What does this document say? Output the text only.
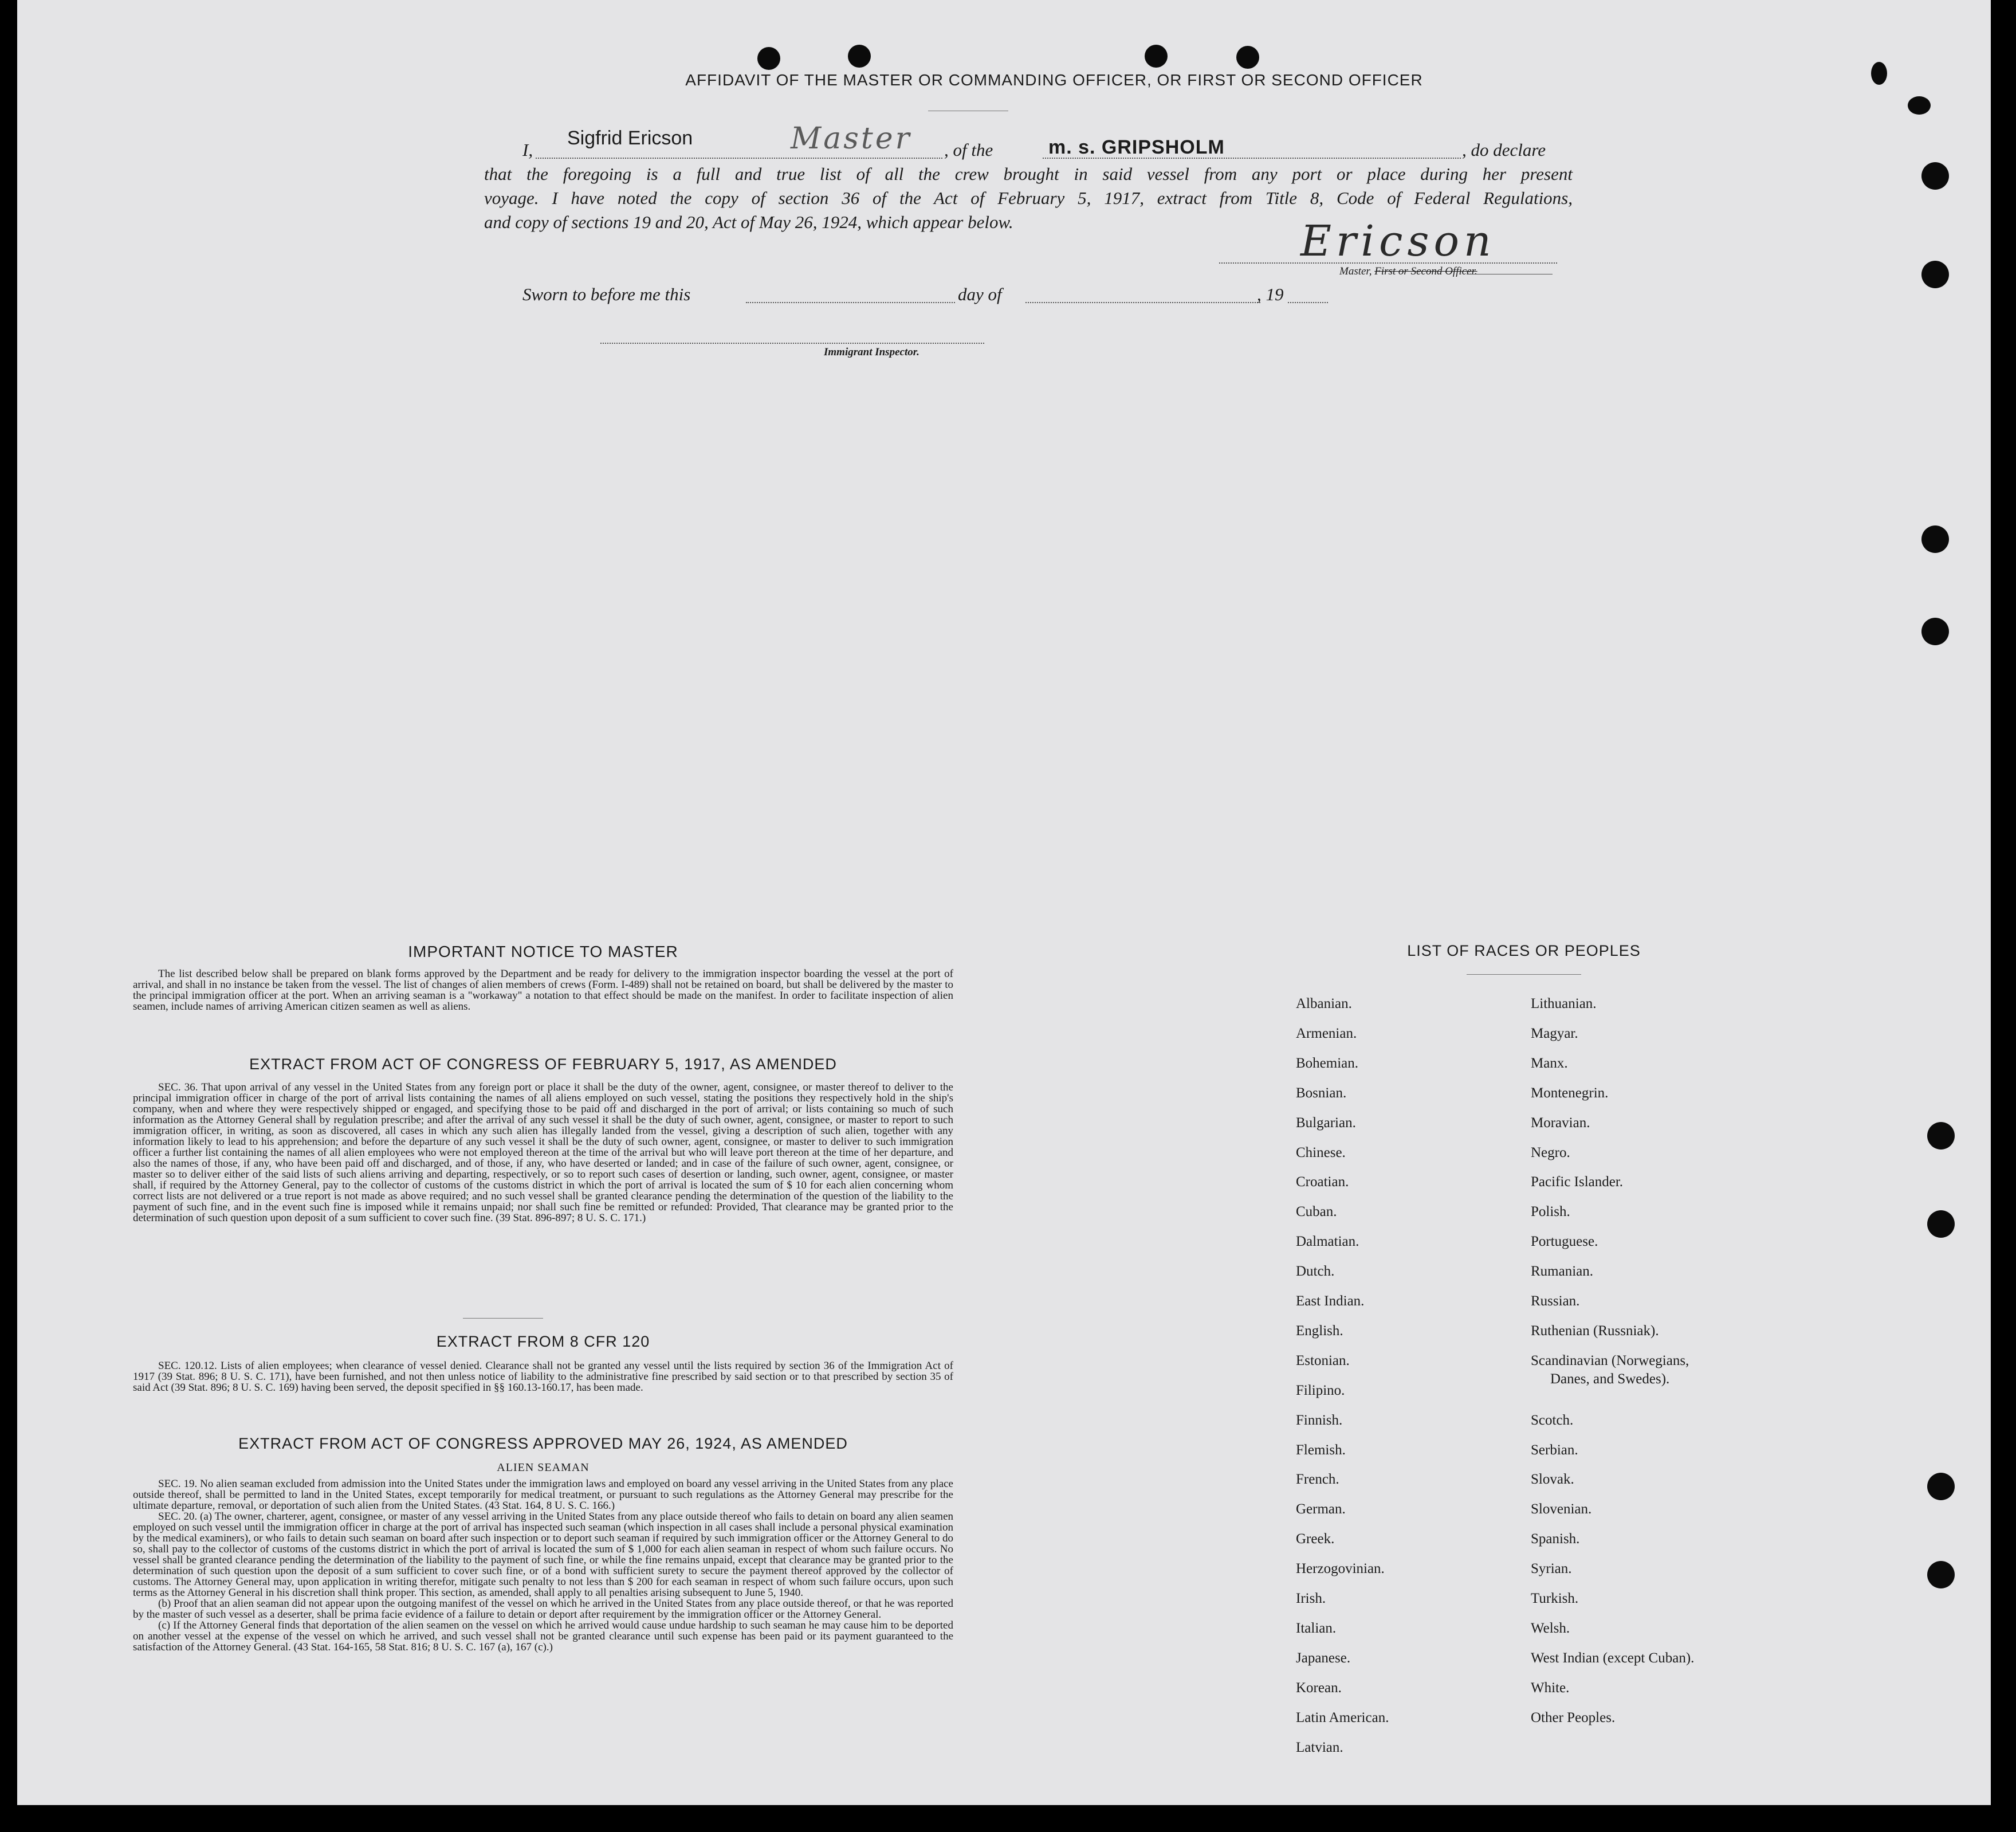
AFFIDAVIT OF THE MASTER OR COMMANDING OFFICER, OR FIRST OR SECOND OFFICER
I,
Sigfrid Ericson	Master , of the	m. s. GRIPSHOLM	, do declare
that the foregoing is a full and true list of all the crew brought in said vessel from any port or place during her present
voyage. I have noted the copy of section 36 of the Act of February 5, 1917, extract from Title 8, Code of Federal Regulations,
and copy of sections 19 and 20, Act of May 26, 1924, which appear below.	Ericson
Master, First or Second Officer.
Sworn to before me this	day of	, 19
Immigrant Inspector.
IMPORTANT NOTICE TO MASTER
The list described below shall be prepared on blank forms approved by the Department and be ready for delivery to the immigration inspector boarding the vessel at the port of arrival, and shall in no instance be taken from the vessel. The list of changes of alien members of crews (Form. I-489) shall not be retained on board, but shall be delivered by the master to the principal immigration officer at the port. When an arriving seaman is a "workaway" a notation to that effect should be made on the manifest. In order to facilitate inspection of alien seamen, include names of arriving American citizen seamen as well as aliens.
EXTRACT FROM ACT OF CONGRESS OF FEBRUARY 5, 1917, AS AMENDED
SEC. 36. That upon arrival of any vessel in the United States from any foreign port or place it shall be the duty of the owner, agent, consignee, or master thereof to deliver to the principal immigration officer in charge of the port of arrival lists containing the names of all aliens employed on such vessel, stating the positions they respectively hold in the ship's company, when and where they were respectively shipped or engaged, and specifying those to be paid off and discharged in the port of arrival; or lists containing so much of such information as the Attorney General shall by regulation prescribe; and after the arrival of any such vessel it shall be the duty of such owner, agent, consignee, or master to report to such immigration officer, in writing, as soon as discovered, all cases in which any such alien has illegally landed from the vessel, giving a description of such alien, together with any information likely to lead to his apprehension; and before the departure of any such vessel it shall be the duty of such owner, agent, consignee, or master to deliver to such immigration officer a further list containing the names of all alien employees who were not employed thereon at the time of the arrival but who will leave port thereon at the time of her departure, and also the names of those, if any, who have been paid off and discharged, and of those, if any, who have deserted or landed; and in case of the failure of such owner, agent, consignee, or master so to deliver either of the said lists of such aliens arriving and departing, respectively, or so to report such cases of desertion or landing, such owner, agent, consignee, or master shall, if required by the Attorney General, pay to the collector of customs of the customs district in which the port of arrival is located the sum of $ 10 for each alien concerning whom correct lists are not delivered or a true report is not made as above required; and no such vessel shall be granted clearance pending the determination of the question of the liability to the payment of such fine, and in the event such fine is imposed while it remains unpaid; nor shall such fine be remitted or refunded: Provided, That clearance may be granted prior to the determination of such question upon deposit of a sum sufficient to cover such fine. (39 Stat. 896-897; 8 U. S. C. 171.)
EXTRACT FROM 8 CFR 120
SEC. 120.12. Lists of alien employees; when clearance of vessel denied. Clearance shall not be granted any vessel until the lists required by section 36 of the Immigration Act of 1917 (39 Stat. 896; 8 U. S. C. 171), have been furnished, and not then unless notice of liability to the administrative fine prescribed by said section or to that prescribed by section 35 of said Act (39 Stat. 896; 8 U. S. C. 169) having been served, the deposit specified in §§ 160.13-160.17, has been made.
EXTRACT FROM ACT OF CONGRESS APPROVED MAY 26, 1924, AS AMENDED
ALIEN SEAMAN
SEC. 19. No alien seaman excluded from admission into the United States under the immigration laws and employed on board any vessel arriving in the United States from any place outside thereof, shall be permitted to land in the United States, except temporarily for medical treatment, or pursuant to such regulations as the Attorney General may prescribe for the ultimate departure, removal, or deportation of such alien from the United States. (43 Stat. 164, 8 U. S. C. 166.)
SEC. 20. (a) The owner, charterer, agent, consignee, or master of any vessel arriving in the United States from any place outside thereof who fails to detain on board any alien seamen employed on such vessel until the immigration officer in charge at the port of arrival has inspected such seaman (which inspection in all cases shall include a personal physical examination by the medical examiners), or who fails to detain such seaman on board after such inspection or to deport such seaman if required by such immigration officer or the Attorney General to do so, shall pay to the collector of customs of the customs district in which the port of arrival is located the sum of $ 1,000 for each alien seaman in respect of whom such failure occurs. No vessel shall be granted clearance pending the determination of the liability to the payment of such fine, or while the fine remains unpaid, except that clearance may be granted prior to the determination of such question upon the deposit of a sum sufficient to cover such fine, or of a bond with sufficient surety to secure the payment thereof approved by the collector of customs. The Attorney General may, upon application in writing therefor, mitigate such penalty to not less than $ 200 for each seaman in respect of whom such failure occurs, upon such terms as the Attorney General in his discretion shall think proper. This section, as amended, shall apply to all penalties arising subsequent to June 5, 1940.
(b) Proof that an alien seaman did not appear upon the outgoing manifest of the vessel on which he arrived in the United States from any place outside thereof, or that he was reported by the master of such vessel as a deserter, shall be prima facie evidence of a failure to detain or deport after requirement by the immigration officer or the Attorney General.
(c) If the Attorney General finds that deportation of the alien seamen on the vessel on which he arrived would cause undue hardship to such seaman he may cause him to be deported on another vessel at the expense of the vessel on which he arrived, and such vessel shall not be granted clearance until such expense has been paid or its payment guaranteed to the satisfaction of the Attorney General. (43 Stat. 164-165, 58 Stat. 816; 8 U. S. C. 167 (a), 167 (c).)
LIST OF RACES OR PEOPLES
Albanian.
Armenian.
Bohemian.
Bosnian.
Bulgarian.
Chinese.
Croatian.
Cuban.
Dalmatian.
Dutch.
East Indian.
English.
Estonian.
Filipino.
Finnish.
Flemish.
French.
German.
Greek.
Herzogovinian.
Irish.
Italian.
Japanese.
Korean.
Latin American.
Latvian.
Lithuanian.
Magyar.
Manx.
Montenegrin.
Moravian.
Negro.
Pacific Islander.
Polish.
Portuguese.
Rumanian.
Russian.
Ruthenian (Russniak).
Scandinavian (Norwegians,
Danes, and Swedes).
Scotch.
Serbian.
Slovak.
Slovenian.
Spanish.
Syrian.
Turkish.
Welsh.
West Indian (except Cuban).
White.
Other Peoples.
